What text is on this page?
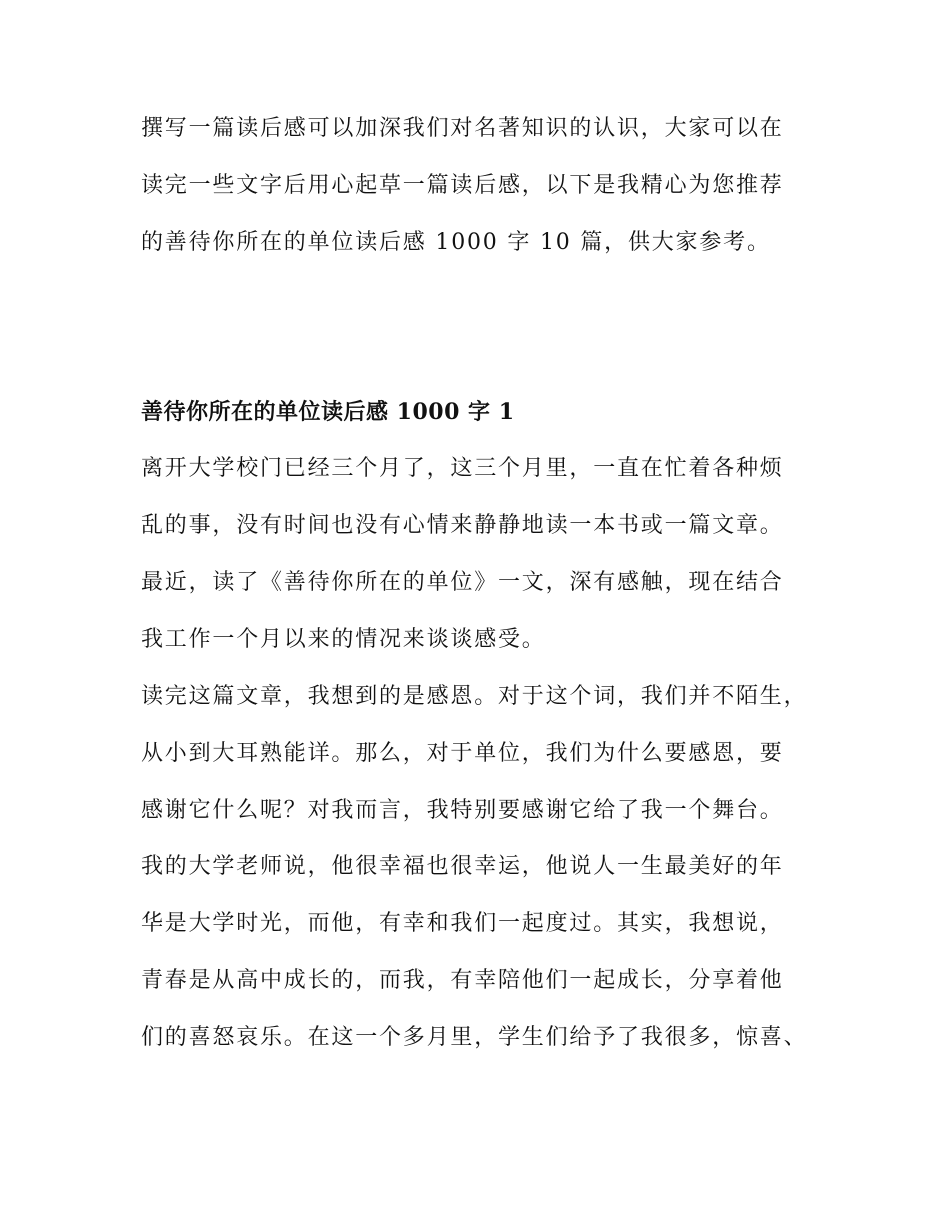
撰写一篇读后感可以加深我们对名著知识的认识，大家可以在
读完一些文字后用心起草一篇读后感，以下是我精心为您推荐
的善待你所在的单位读后感 1000 字 10 篇，供大家参考。
善待你所在的单位读后感 1000 字 1
离开大学校门已经三个月了，这三个月里，一直在忙着各种烦
乱的事，没有时间也没有心情来静静地读一本书或一篇文章。
最近，读了《善待你所在的单位》一文，深有感触，现在结合
我工作一个月以来的情况来谈谈感受。
读完这篇文章，我想到的是感恩。对于这个词，我们并不陌生，
从小到大耳熟能详。那么，对于单位，我们为什么要感恩，要
感谢它什么呢？对我而言，我特别要感谢它给了我一个舞台。
我的大学老师说，他很幸福也很幸运，他说人一生最美好的年
华是大学时光，而他，有幸和我们一起度过。其实，我想说，
青春是从高中成长的，而我，有幸陪他们一起成长，分享着他
们的喜怒哀乐。在这一个多月里，学生们给予了我很多，惊喜、
